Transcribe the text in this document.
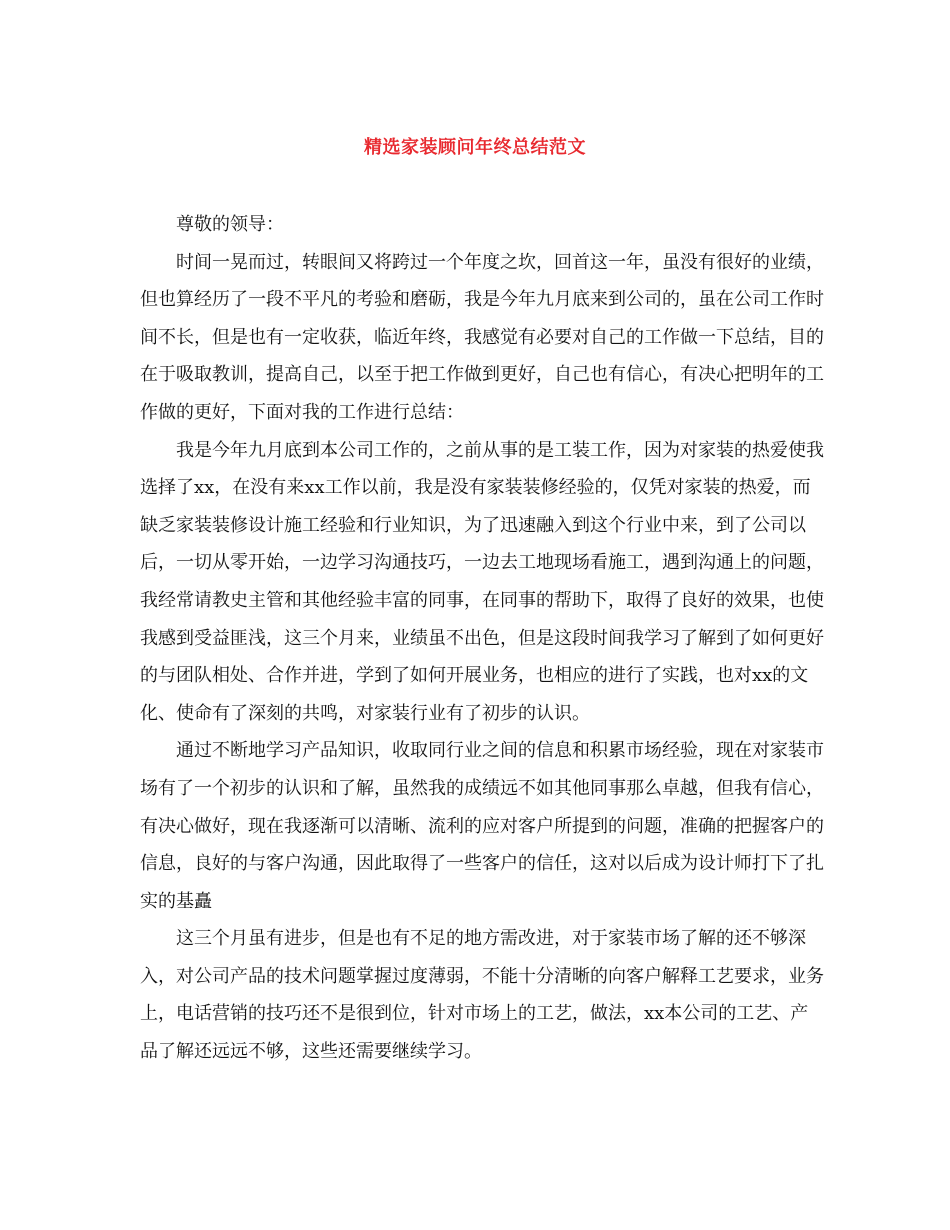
精选家装顾问年终总结范文

尊敬的领导：

时间一晃而过，转眼间又将跨过一个年度之坎，回首这一年，虽没有很好的业绩，但也算经历了一段不平凡的考验和磨砺，我是今年九月底来到公司的，虽在公司工作时间不长，但是也有一定收获，临近年终，我感觉有必要对自己的工作做一下总结，目的在于吸取教训，提高自己，以至于把工作做到更好，自己也有信心，有决心把明年的工作做的更好，下面对我的工作进行总结：

我是今年九月底到本公司工作的，之前从事的是工装工作，因为对家装的热爱使我选择了xx，在没有来xx工作以前，我是没有家装装修经验的，仅凭对家装的热爱，而缺乏家装装修设计施工经验和行业知识，为了迅速融入到这个行业中来，到了公司以后，一切从零开始，一边学习沟通技巧，一边去工地现场看施工，遇到沟通上的问题，我经常请教史主管和其他经验丰富的同事，在同事的帮助下，取得了良好的效果，也使我感到受益匪浅，这三个月来，业绩虽不出色，但是这段时间我学习了解到了如何更好的与团队相处、合作并进，学到了如何开展业务，也相应的进行了实践，也对xx的文化、使命有了深刻的共鸣，对家装行业有了初步的认识。

通过不断地学习产品知识，收取同行业之间的信息和积累市场经验，现在对家装市场有了一个初步的认识和了解，虽然我的成绩远不如其他同事那么卓越，但我有信心，有决心做好，现在我逐渐可以清晰、流利的应对客户所提到的问题，准确的把握客户的信息，良好的与客户沟通，因此取得了一些客户的信任，这对以后成为设计师打下了扎实的基矗

这三个月虽有进步，但是也有不足的地方需改进，对于家装市场了解的还不够深入，对公司产品的技术问题掌握过度薄弱，不能十分清晰的向客户解释工艺要求，业务上，电话营销的技巧还不是很到位，针对市场上的工艺，做法，xx本公司的工艺、产品了解还远远不够，这些还需要继续学习。
